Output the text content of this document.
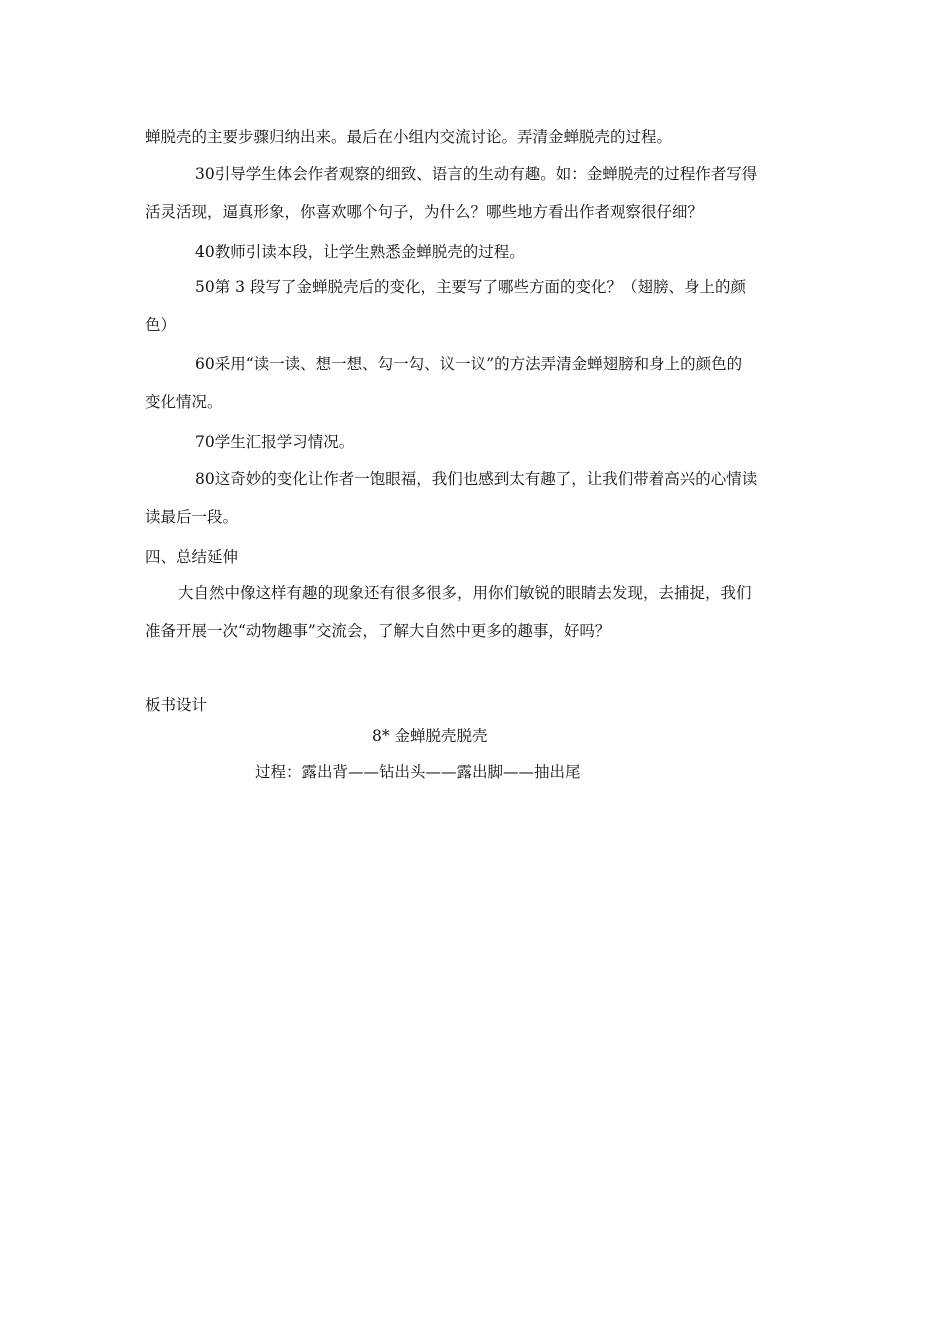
蝉脱壳的主要步骤归纳出来。最后在小组内交流讨论。弄清金蝉脱壳的过程。
30引导学生体会作者观察的细致、语言的生动有趣。如：金蝉脱壳的过程作者写得
活灵活现，逼真形象，你喜欢哪个句子，为什么？哪些地方看出作者观察很仔细？
40教师引读本段，让学生熟悉金蝉脱壳的过程。
50第 3 段写了金蝉脱壳后的变化，主要写了哪些方面的变化？（翅膀、身上的颜
色）
60采用“读一读、想一想、勾一勾、议一议”的方法弄清金蝉翅膀和身上的颜色的
变化情况。
70学生汇报学习情况。
80这奇妙的变化让作者一饱眼福，我们也感到太有趣了，让我们带着高兴的心情读
读最后一段。
四、总结延伸
大自然中像这样有趣的现象还有很多很多，用你们敏锐的眼睛去发现，去捕捉，我们
准备开展一次“动物趣事”交流会，了解大自然中更多的趣事，好吗？
板书设计
8* 金蝉脱壳脱壳
过程：露出背——钻出头——露出脚——抽出尾
